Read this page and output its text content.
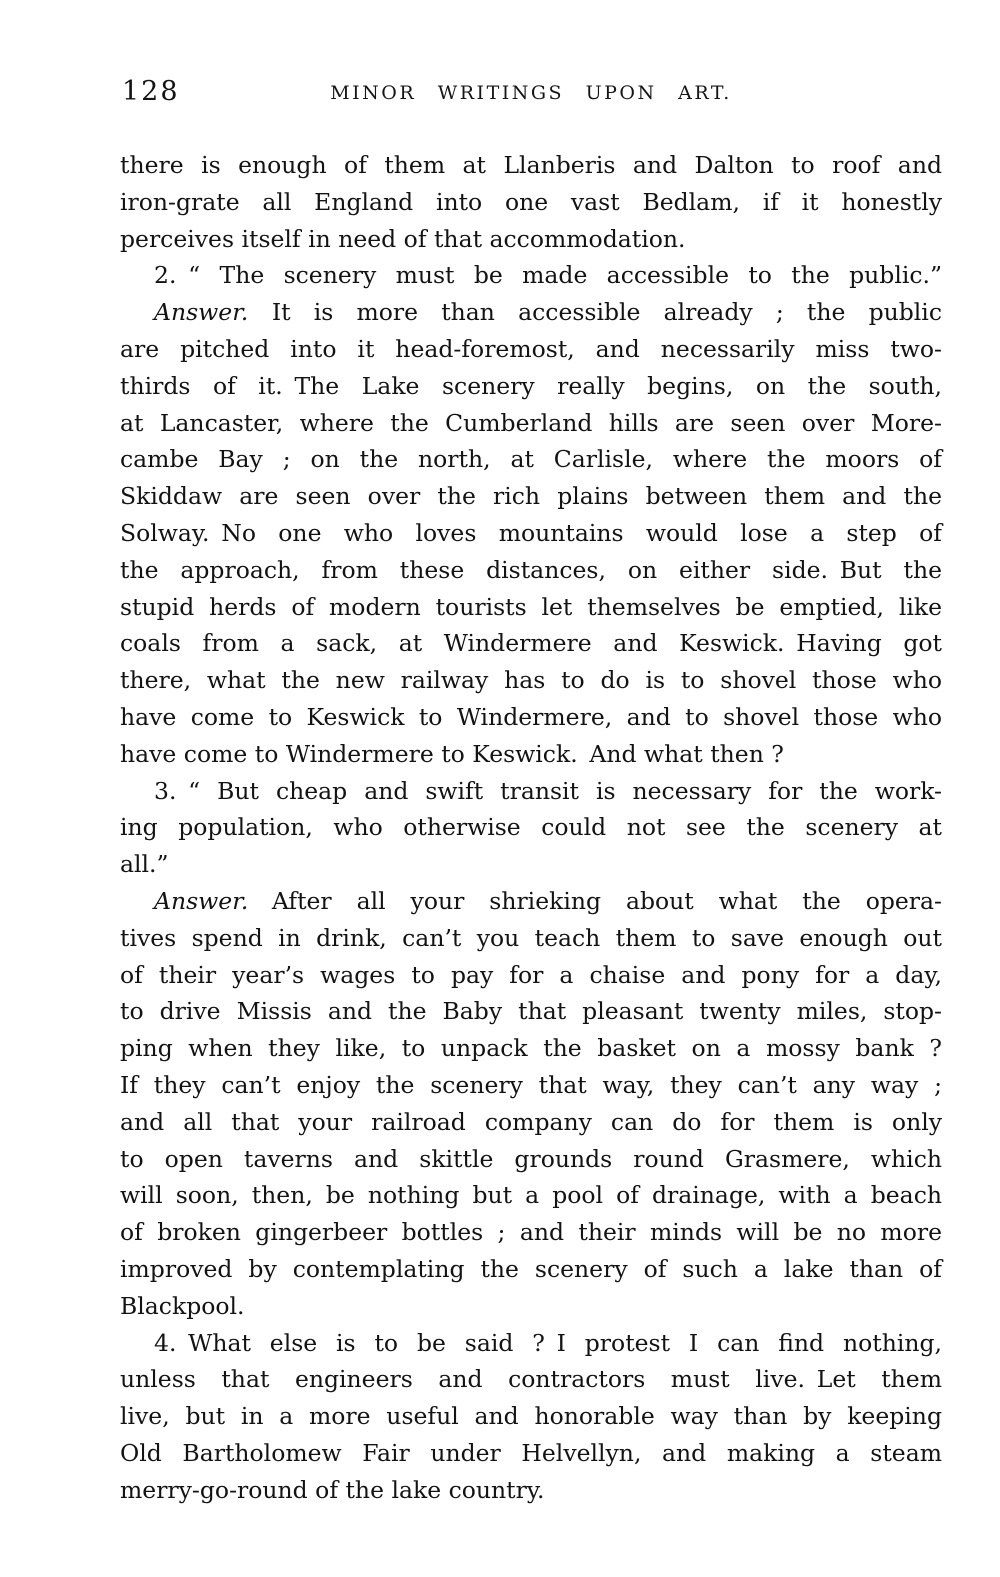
128	MINOR WRITINGS UPON ART.
there is enough of them at Llanberis and Dalton to roof and
iron-grate all England into one vast Bedlam, if it honestly
perceives itself in need of that accommodation.
2. “ The scenery must be made accessible to the public.”
Answer. It is more than accessible already ; the public
are pitched into it head-foremost, and necessarily miss two-
thirds of it. The Lake scenery really begins, on the south,
at Lancaster, where the Cumberland hills are seen over More-
cambe Bay ; on the north, at Carlisle, where the moors of
Skiddaw are seen over the rich plains between them and the
Solway. No one who loves mountains would lose a step of
the approach, from these distances, on either side. But the
stupid herds of modern tourists let themselves be emptied, like
coals from a sack, at Windermere and Keswick. Having got
there, what the new railway has to do is to shovel those who
have come to Keswick to Windermere, and to shovel those who
have come to Windermere to Keswick. And what then ?
3. “ But cheap and swift transit is necessary for the work-
ing population, who otherwise could not see the scenery at
all.”
Answer. After all your shrieking about what the opera-
tives spend in drink, can’t you teach them to save enough out
of their year’s wages to pay for a chaise and pony for a day,
to drive Missis and the Baby that pleasant twenty miles, stop-
ping when they like, to unpack the basket on a mossy bank ?
If they can’t enjoy the scenery that way, they can’t any way ;
and all that your railroad company can do for them is only
to open taverns and skittle grounds round Grasmere, which
will soon, then, be nothing but a pool of drainage, with a beach
of broken gingerbeer bottles ; and their minds will be no more
improved by contemplating the scenery of such a lake than of
Blackpool.
4. What else is to be said ? I protest I can find nothing,
unless that engineers and contractors must live. Let them
live, but in a more useful and honorable way than by keeping
Old Bartholomew Fair under Helvellyn, and making a steam
merry-go-round of the lake country.
